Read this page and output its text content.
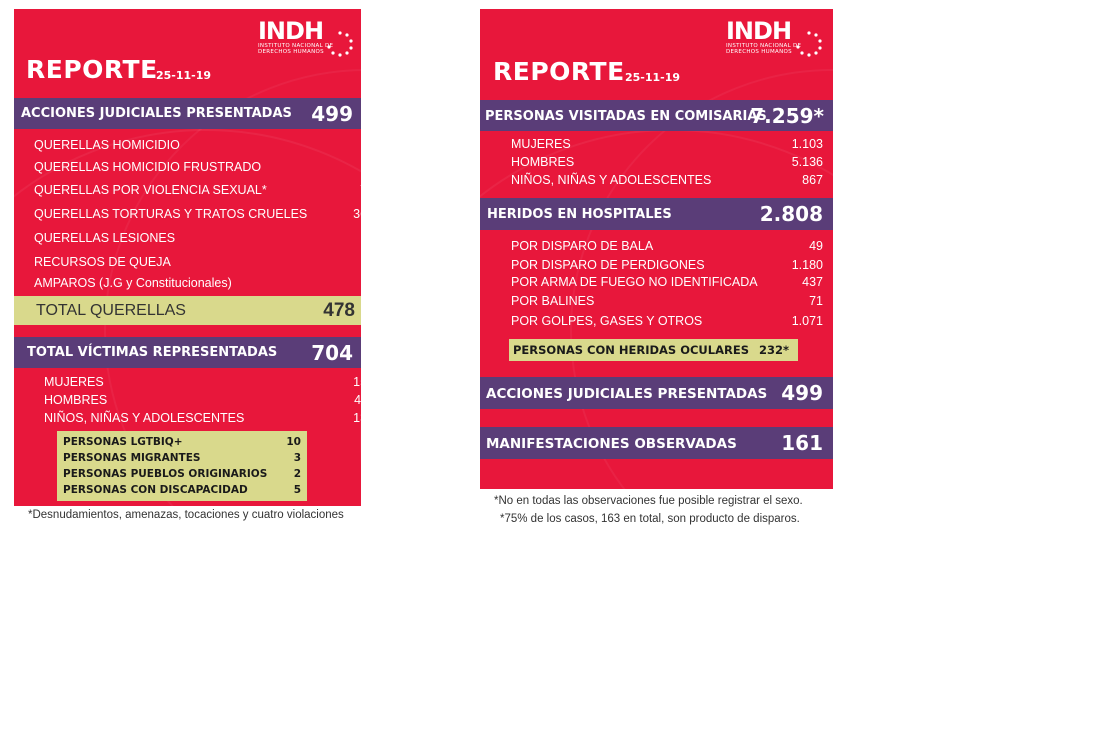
INDH
INSTITUTO NACIONAL DE
DERECHOS HUMANOS
REPORTE
25-11-19
ACCIONES JUDICIALES PRESENTADAS 499
QUERELLAS HOMICIDIO	6
QUERELLAS HOMICIDIO FRUSTRADO	7
QUERELLAS POR VIOLENCIA SEXUAL*	79
QUERELLAS TORTURAS Y TRATOS CRUELES	369
QUERELLAS LESIONES	14
RECURSOS DE QUEJA	5
AMPAROS (J.G y Constitucionales)	15
TOTAL QUERELLAS	478
TOTAL VÍCTIMAS REPRESENTADAS 704
MUJERES	155
HOMBRES	411
NIÑOS, NIÑAS Y ADOLESCENTES	137
PERSONAS LGTBIQ+	10
PERSONAS MIGRANTES	3
PERSONAS PUEBLOS ORIGINARIOS	2
PERSONAS CON DISCAPACIDAD	5
*Desnudamientos, amenazas, tocaciones y cuatro violaciones
INDH
INSTITUTO NACIONAL DE
DERECHOS HUMANOS
REPORTE 25-11-19
PERSONAS VISITADAS EN COMISARIAS
7.259*
MUJERES	1.103
HOMBRES	5.136
NIÑOS, NIÑAS Y ADOLESCENTES	867
HERIDOS EN HOSPITALES	2.808
POR DISPARO DE BALA	49
POR DISPARO DE PERDIGONES	1.180
POR ARMA DE FUEGO NO IDENTIFICADA	437
POR BALINES	71
POR GOLPES, GASES Y OTROS	1.071
PERSONAS CON HERIDAS OCULARES 232*
ACCIONES JUDICIALES PRESENTADAS 499
MANIFESTACIONES OBSERVADAS 161
*No en todas las observaciones fue posible registrar el sexo.
*75% de los casos, 163 en total, son producto de disparos.
